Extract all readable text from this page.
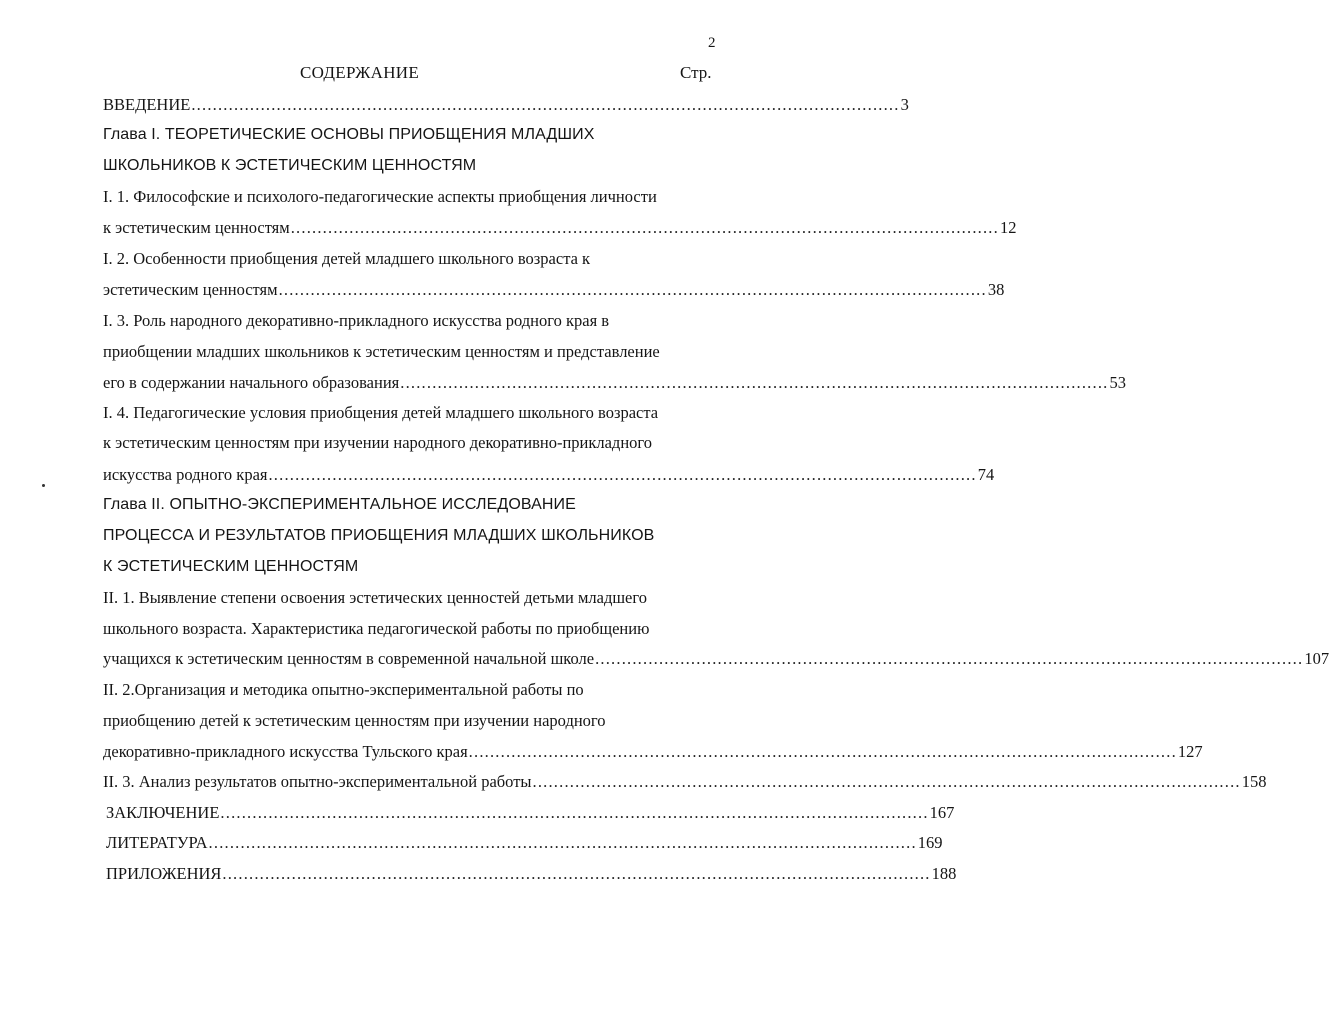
2
СОДЕРЖАНИЕ	Стр.
ВВЕДЕНИЕ ..................................................................................................................................... 3
Глава I. ТЕОРЕТИЧЕСКИЕ ОСНОВЫ ПРИОБЩЕНИЯ МЛАДШИХ
ШКОЛЬНИКОВ К ЭСТЕТИЧЕСКИМ ЦЕННОСТЯМ
I. 1. Философские и психолого-педагогические аспекты приобщения личности
к эстетическим ценностям ..................................................................................................................................... 12
I. 2. Особенности приобщения детей младшего школьного возраста к
эстетическим ценностям ..................................................................................................................................... 38
I. 3. Роль народного декоративно-прикладного искусства родного края в
приобщении младших школьников к эстетическим ценностям и представление
его в содержании начального образования ..................................................................................................................................... 53
I. 4. Педагогические условия приобщения детей младшего школьного возраста
к эстетическим ценностям при изучении народного декоративно-прикладного
искусства родного края ..................................................................................................................................... 74
Глава II. ОПЫТНО-ЭКСПЕРИМЕНТАЛЬНОЕ ИССЛЕДОВАНИЕ
ПРОЦЕССА И РЕЗУЛЬТАТОВ ПРИОБЩЕНИЯ МЛАДШИХ ШКОЛЬНИКОВ
К ЭСТЕТИЧЕСКИМ ЦЕННОСТЯМ
II. 1. Выявление степени освоения эстетических ценностей детьми младшего
школьного возраста. Характеристика педагогической работы по приобщению
учащихся к эстетическим ценностям в современной начальной школе ..................................................................................................................................... 107
II. 2.Организация и методика опытно-экспериментальной работы по
приобщению детей к эстетическим ценностям при изучении народного
декоративно-прикладного искусства Тульского края ..................................................................................................................................... 127
II. 3. Анализ результатов опытно-экспериментальной работы ..................................................................................................................................... 158
ЗАКЛЮЧЕНИЕ ..................................................................................................................................... 167
ЛИТЕРАТУРА ..................................................................................................................................... 169
ПРИЛОЖЕНИЯ ..................................................................................................................................... 188
